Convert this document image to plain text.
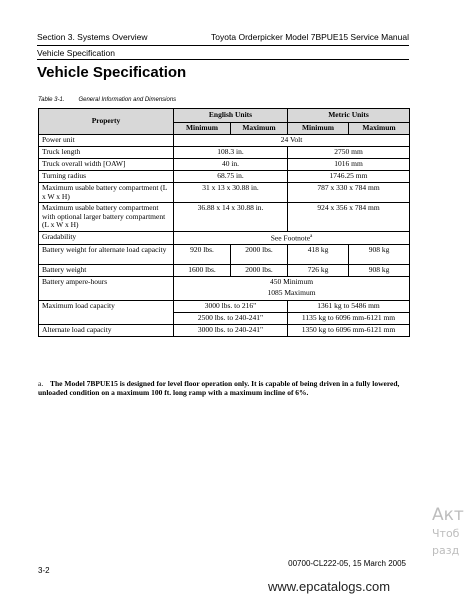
Section 3. Systems Overview	Toyota Orderpicker Model 7BPUE15 Service Manual
Vehicle Specification
Vehicle Specification
Table 3-1. General Information and Dimensions
Property	English Units		Metric Units	
	Minimum	Maximum	Minimum	Maximum
Power unit	24 Volt			
Truck length	108.3 in.		2750 mm	
Truck overall width [OAW]	40 in.		1016 mm	
Turning radius	68.75 in.		1746.25 mm	
Maximum usable battery compartment (L x W x H)	31 x 13 x 30.88 in.		787 x 330 x 784 mm	
Maximum usable battery compartment with optional larger battery compartment (L x W x H)	36.88 x 14 x 30.88 in.		924 x 356 x 784 mm	
Gradability	See Footnote$^a$
Battery weight for alternate load capacity	920 lbs.	2000 lbs.	418 kg	908 kg
Battery weight	1600 lbs.	2000 lbs.	726 kg	908 kg
Battery ampere-hours	450 Minimum			
	1085 Maximum			
Maximum load capacity	3000 lbs. to 216"		1361 kg to 5486 mm	
	2500 lbs. to 240-241"		1135 kg to 6096 mm-6121 mm	
Alternate load capacity	3000 lbs. to 240-241"		1350 kg to 6096 mm-6121 mm	
a. The Model 7BPUE15 is designed for level floor operation only. It is capable of being driven in a fully lowered, unloaded condition on a maximum 100 ft. long ramp with a maximum incline of 6%.
Акт
Чтоб
разд
3-2
00700-CL222-05, 15 March 2005
www.epcatalogs.com
